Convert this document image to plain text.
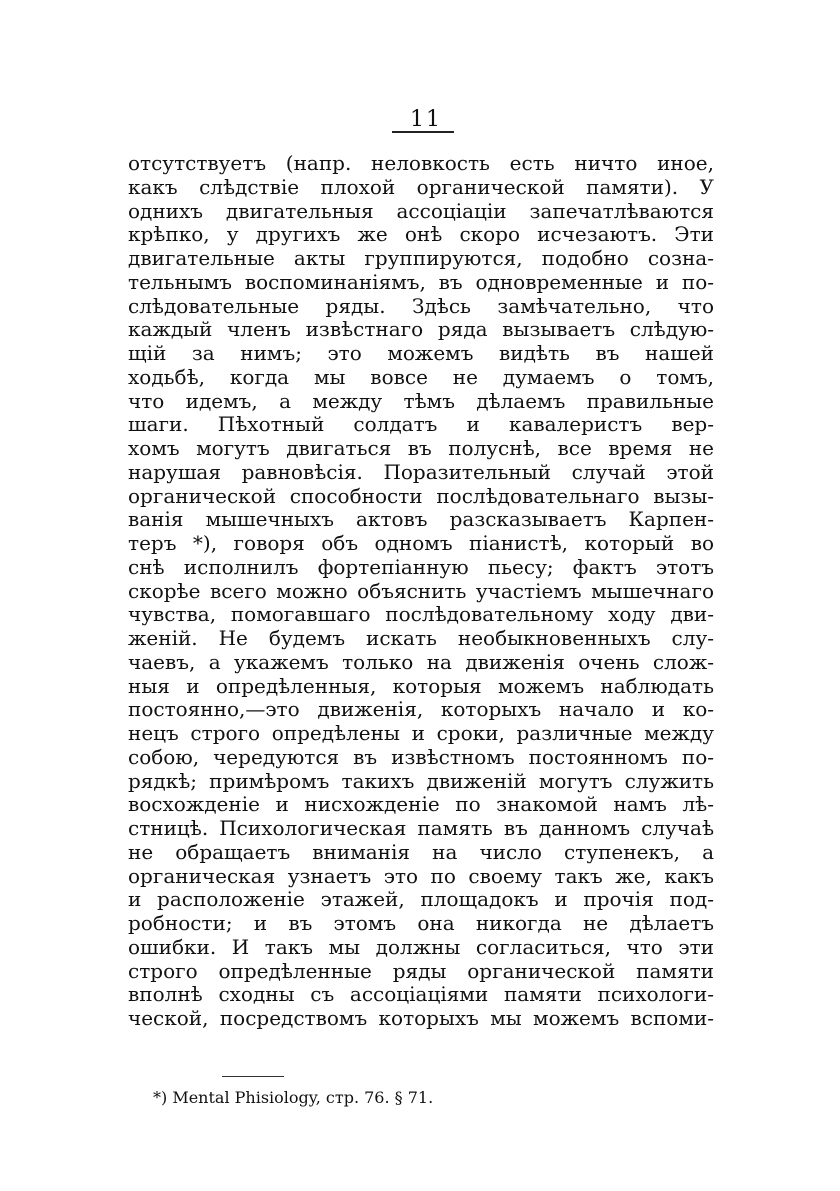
11
отсутствуетъ (напр. неловкость есть ничто иное,
какъ слѣдствіе плохой органической памяти). У
однихъ двигательныя ассоціаціи запечатлѣваются
крѣпко, у другихъ же онѣ скоро исчезаютъ. Эти
двигательные акты группируются, подобно созна-
тельнымъ воспоминаніямъ, въ одновременные и по-
слѣдовательные ряды. Здѣсь замѣчательно, что
каждый членъ извѣстнаго ряда вызываетъ слѣдую-
щій за нимъ; это можемъ видѣть въ нашей
ходьбѣ, когда мы вовсе не думаемъ о томъ,
что идемъ, а между тѣмъ дѣлаемъ правильные
шаги. Пѣхотный солдатъ и кавалеристъ вер-
хомъ могутъ двигаться въ полуснѣ, все время не
нарушая равновѣсія. Поразительный случай этой
органической способности послѣдовательнаго вызы-
ванія мышечныхъ актовъ разсказываетъ Карпен-
теръ *), говоря объ одномъ піанистѣ, который во
снѣ исполнилъ фортепіанную пьесу; фактъ этотъ
скорѣе всего можно объяснить участіемъ мышечнаго
чувства, помогавшаго послѣдовательному ходу дви-
женій. Не будемъ искать необыкновенныхъ слу-
чаевъ, а укажемъ только на движенія очень слож-
ныя и опредѣленныя, которыя можемъ наблюдать
постоянно,—это движенія, которыхъ начало и ко-
нецъ строго опредѣлены и сроки, различные между
собою, чередуются въ извѣстномъ постоянномъ по-
рядкѣ; примѣромъ такихъ движеній могутъ служить
восхожденіе и нисхожденіе по знакомой намъ лѣ-
стницѣ. Психологическая память въ данномъ случаѣ
не обращаетъ вниманія на число ступенекъ, а
органическая узнаетъ это по своему такъ же, какъ
и расположеніе этажей, площадокъ и прочія под-
робности; и въ этомъ она никогда не дѣлаетъ
ошибки. И такъ мы должны согласиться, что эти
строго опредѣленные ряды органической памяти
вполнѣ сходны съ ассоціаціями памяти психологи-
ческой, посредствомъ которыхъ мы можемъ вспоми-
*) Mental Phisiology, стр. 76. § 71.
